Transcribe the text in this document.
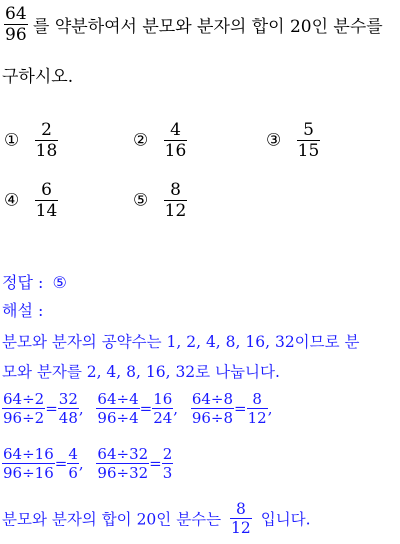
$\frac{64}{96}$ 를 약분하여서 분모와 분자의 합이 20인 분수를
구하시오.
① $\frac{2}{18}$	② $\frac{4}{16}$	③ $\frac{5}{15}$
④ $\frac{6}{14}$	⑤ $\frac{8}{12}$
정답 : ⑤
해설 :
분모와 분자의 공약수는 1, 2, 4, 8, 16, 32이므로 분
모와 분자를 2, 4, 8, 16, 32로 나눕니다.
$\frac{64\div 2}{96\div 2} = \frac{32}{48}$ , $\frac{64\div 4}{96\div 4} = \frac{16}{24}$ , $\frac{64\div 8}{96\div 8} = \frac{8}{12}$ ,
$\frac{64\div 16}{96\div 16} = \frac{4}{6}$ , $\frac{64\div 32}{96\div 32} = \frac{2}{3}$
분모와 분자의 합이 20인 분수는 $\frac{8}{12}$ 입니다.
